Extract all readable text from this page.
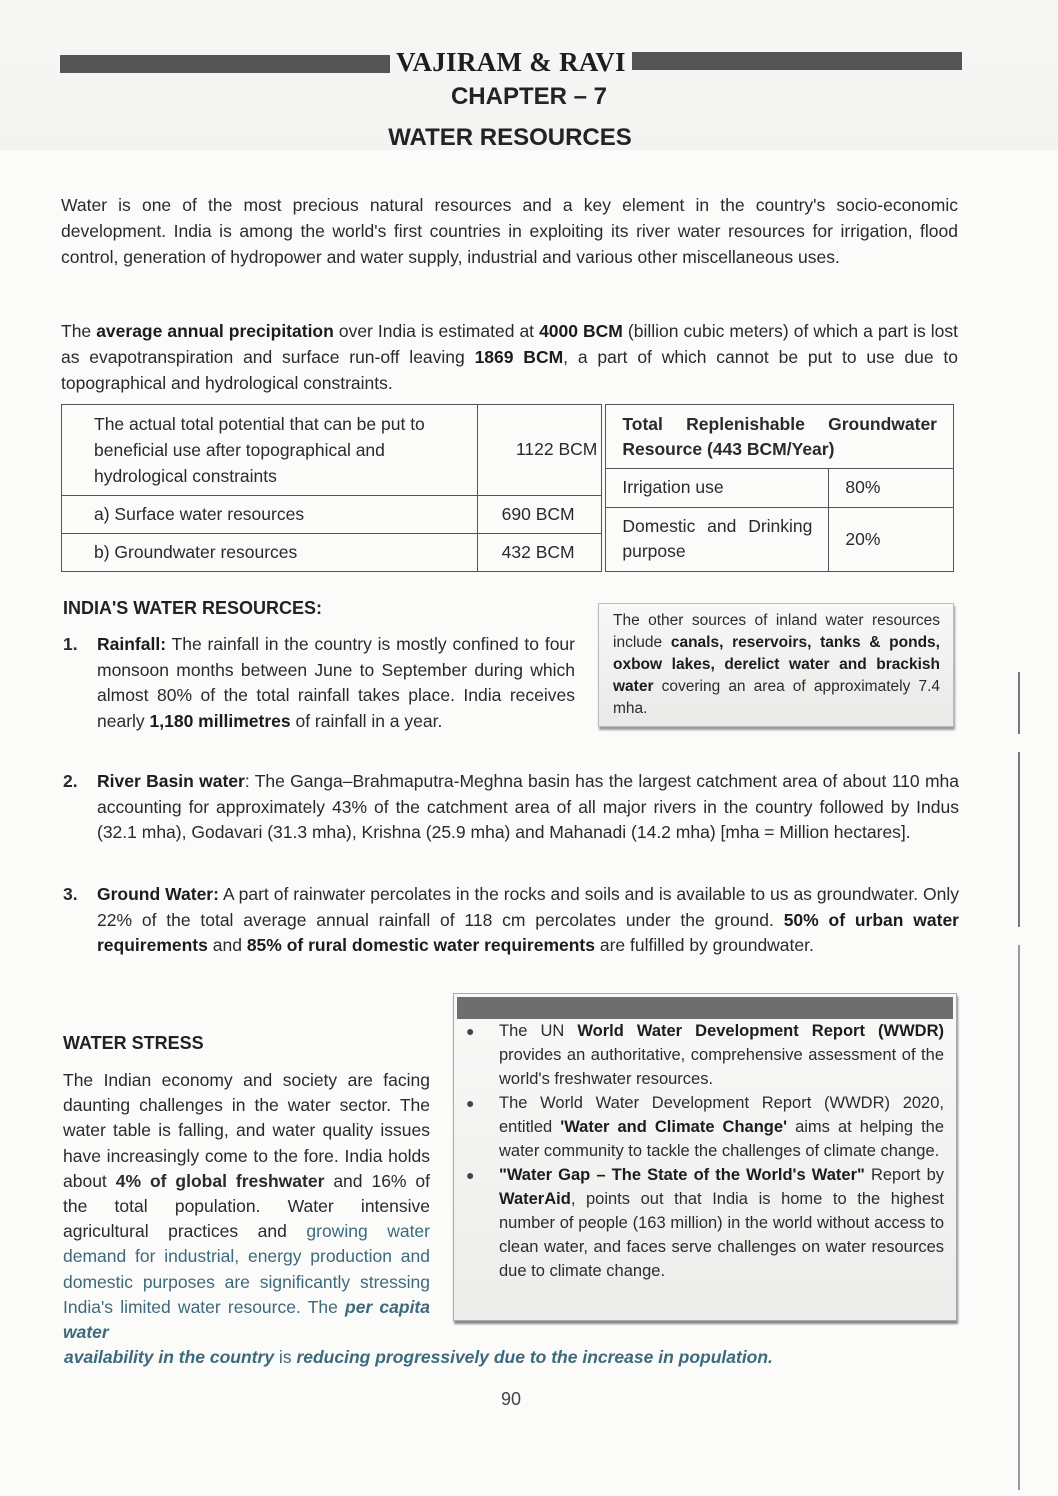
VAJIRAM & RAVI
CHAPTER – 7
WATER RESOURCES

Water is one of the most precious natural resources and a key element in the country's socio-economic development. India is among the world's first countries in exploiting its river water resources for irrigation, flood control, generation of hydropower and water supply, industrial and various other miscellaneous uses.

The average annual precipitation over India is estimated at 4000 BCM (billion cubic meters) of which a part is lost as evapotranspiration and surface run-off leaving 1869 BCM, a part of which cannot be put to use due to topographical and hydrological constraints.

The actual total potential that can be put to beneficial use after topographical and hydrological constraints	1122 BCM
a) Surface water resources	690 BCM
b) Groundwater resources	432 BCM
Total Replenishable Groundwater Resource (443 BCM/Year)	
Irrigation use	80%
Domestic and Drinking purpose	20%
INDIA'S WATER RESOURCES:
The other sources of inland water resources include canals, reservoirs, tanks & ponds, oxbow lakes, derelict water and brackish water covering an area of approximately 7.4 mha.
1. Rainfall: The rainfall in the country is mostly confined to four monsoon months between June to September during which almost 80% of the total rainfall takes place. India receives nearly 1,180 millimetres of rainfall in a year.
2. River Basin water: The Ganga–Brahmaputra-Meghna basin has the largest catchment area of about 110 mha accounting for approximately 43% of the catchment area of all major rivers in the country followed by Indus (32.1 mha), Godavari (31.3 mha), Krishna (25.9 mha) and Mahanadi (14.2 mha) [mha = Million hectares].
3. Ground Water: A part of rainwater percolates in the rocks and soils and is available to us as groundwater. Only 22% of the total average annual rainfall of 118 cm percolates under the ground. 50% of urban water requirements and 85% of rural domestic water requirements are fulfilled by groundwater.
WATER STRESS
The Indian economy and society are facing daunting challenges in the water sector. The water table is falling, and water quality issues have increasingly come to the fore. India holds about 4% of global freshwater and 16% of the total population. Water intensive agricultural practices and growing water demand for industrial, energy production and domestic purposes are significantly stressing India's limited water resource. The per capita water
availability in the country is reducing progressively due to the increase in population.
● The UN World Water Development Report (WWDR) provides an authoritative, comprehensive assessment of the world's freshwater resources.
● The World Water Development Report (WWDR) 2020, entitled 'Water and Climate Change' aims at helping the water community to tackle the challenges of climate change.
● "Water Gap – The State of the World's Water" Report by WaterAid, points out that India is home to the highest number of people (163 million) in the world without access to clean water, and faces serve challenges on water resources due to climate change.
90
